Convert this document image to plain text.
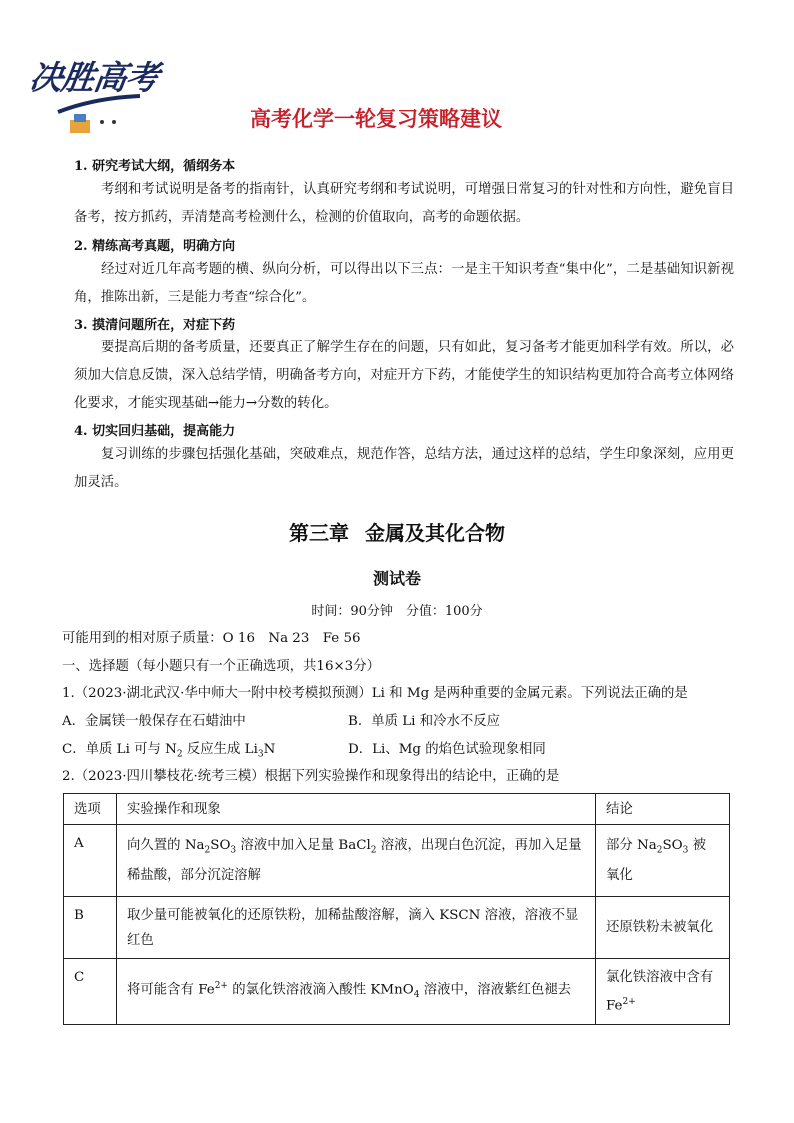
决胜高考
高考化学一轮复习策略建议
1. 研究考试大纲，循纲务本
考纲和考试说明是备考的指南针，认真研究考纲和考试说明，可增强日常复习的针对性和方向性，避免盲目备考，按方抓药，弄清楚高考检测什么，检测的价值取向，高考的命题依据。
2. 精练高考真题，明确方向
经过对近几年高考题的横、纵向分析，可以得出以下三点：一是主干知识考查“集中化”，二是基础知识新视角，推陈出新，三是能力考查“综合化”。
3. 摸清问题所在，对症下药
要提高后期的备考质量，还要真正了解学生存在的问题，只有如此，复习备考才能更加科学有效。所以，必须加大信息反馈，深入总结学情，明确备考方向，对症开方下药，才能使学生的知识结构更加符合高考立体网络化要求，才能实现基础→能力→分数的转化。
4. 切实回归基础，提高能力
复习训练的步骤包括强化基础，突破难点，规范作答，总结方法，通过这样的总结，学生印象深刻，应用更加灵活。
第三章 金属及其化合物
测试卷
时间：90分钟　分值：100分
可能用到的相对原子质量：O 16　Na 23　Fe 56
一、选择题（每小题只有一个正确选项，共16×3分）
1.（2023·湖北武汉·华中师大一附中校考模拟预测）Li 和 Mg 是两种重要的金属元素。下列说法正确的是
A．金属镁一般保存在石蜡油中	B．单质 Li 和冷水不反应
C．单质 Li 可与 $N_2$ 反应生成 $Li_3N$	D．Li、Mg 的焰色试验现象相同
2.（2023·四川攀枝花·统考三模）根据下列实验操作和现象得出的结论中，正确的是
选项	实验操作和现象	结论
A	向久置的 $Na_2SO_3$ 溶液中加入足量 BaCl$_2$ 溶液，出现白色沉淀，再加入足量稀盐酸，部分沉淀溶解	部分 $Na_2SO_3$ 被氧化
B	取少量可能被氧化的还原铁粉，加稀盐酸溶解，滴入 KSCN 溶液，溶液不显红色	还原铁粉未被氧化
C	将可能含有 $Fe^{2+}$ 的氯化铁溶液滴入酸性 KMnO$_4$ 溶液中，溶液紫红色褪去	氯化铁溶液中含有 $Fe^{2+}$
